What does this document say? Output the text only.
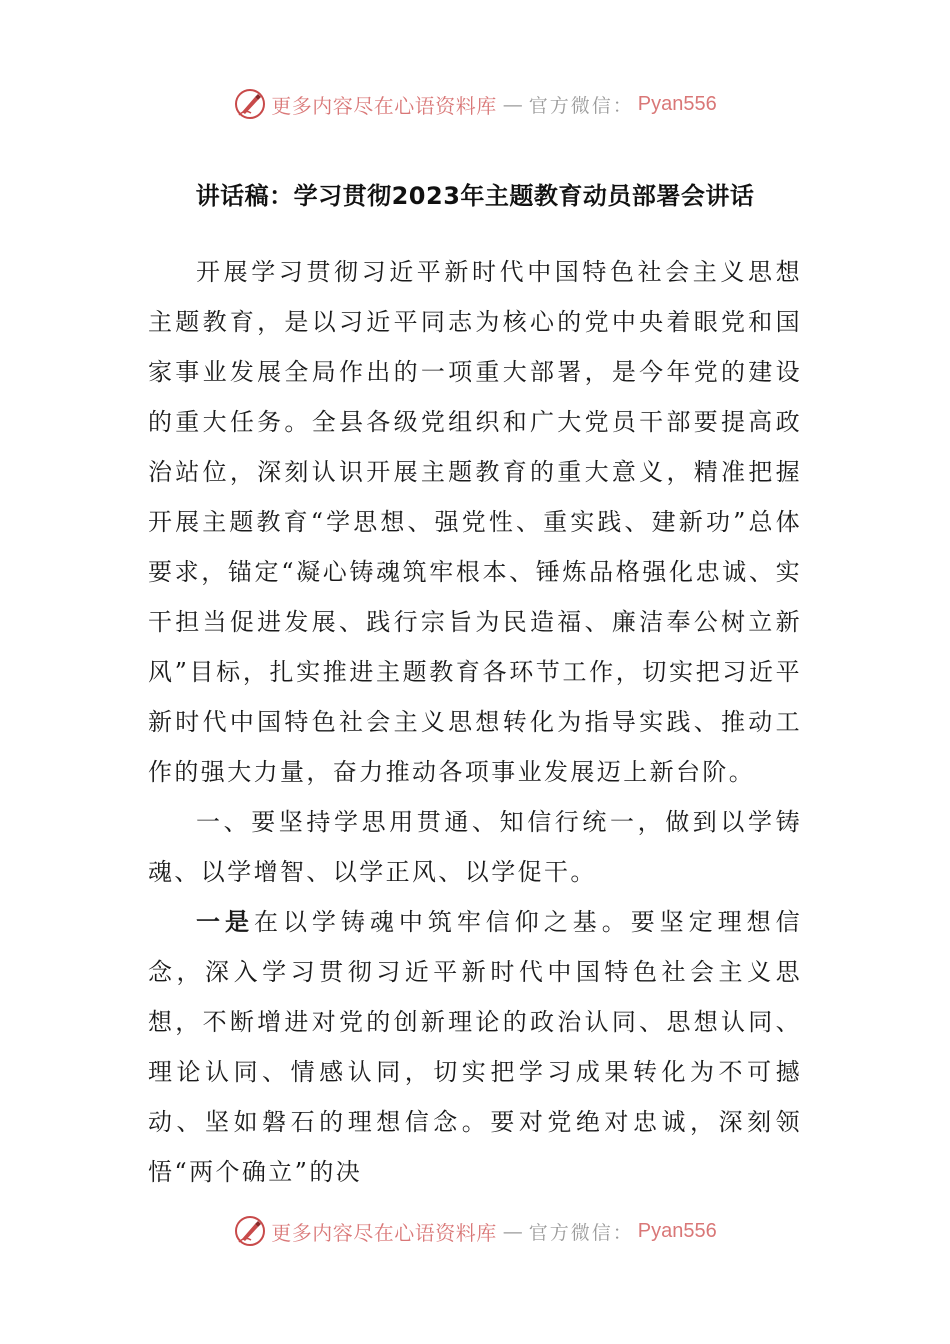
更多内容尽在心语资料库 — 官方微信： Pyan556
讲话稿：学习贯彻2023年主题教育动员部署会讲话

开展学习贯彻习近平新时代中国特色社会主义思想主题教育，是以习近平同志为核心的党中央着眼党和国家事业发展全局作出的一项重大部署，是今年党的建设的重大任务。全县各级党组织和广大党员干部要提高政治站位，深刻认识开展主题教育的重大意义，精准把握开展主题教育“学思想、强党性、重实践、建新功”总体要求，锚定“凝心铸魂筑牢根本、锤炼品格强化忠诚、实干担当促进发展、践行宗旨为民造福、廉洁奉公树立新风”目标，扎实推进主题教育各环节工作，切实把习近平新时代中国特色社会主义思想转化为指导实践、推动工作的强大力量，奋力推动各项事业发展迈上新台阶。

一、要坚持学思用贯通、知信行统一，做到以学铸魂、以学增智、以学正风、以学促干。

一是在以学铸魂中筑牢信仰之基。要坚定理想信念，深入学习贯彻习近平新时代中国特色社会主义思想，不断增进对党的创新理论的政治认同、思想认同、理论认同、情感认同，切实把学习成果转化为不可撼动、坚如磐石的理想信念。要对党绝对忠诚，深刻领悟“两个确立”的决

更多内容尽在心语资料库 — 官方微信： Pyan556
